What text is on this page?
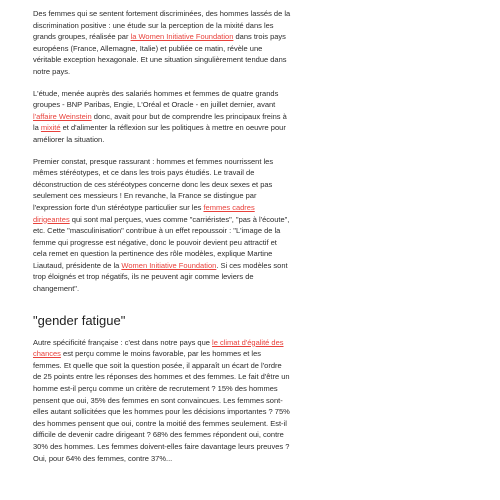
Des femmes qui se sentent fortement discriminées, des hommes lassés de la discrimination positive : une étude sur la perception de la mixité dans les grands groupes, réalisée par la Women Initiative Foundation dans trois pays européens (France, Allemagne, Italie) et publiée ce matin, révèle une véritable exception hexagonale. Et une situation singulièrement tendue dans notre pays.

L'étude, menée auprès des salariés hommes et femmes de quatre grands groupes - BNP Paribas, Engie, L'Oréal et Oracle - en juillet dernier, avant l'affaire Weinstein donc, avait pour but de comprendre les principaux freins à la mixité et d'alimenter la réflexion sur les politiques à mettre en oeuvre pour améliorer la situation.

Premier constat, presque rassurant : hommes et femmes nourrissent les mêmes stéréotypes, et ce dans les trois pays étudiés. Le travail de déconstruction de ces stéréotypes concerne donc les deux sexes et pas seulement ces messieurs ! En revanche, la France se distingue par l'expression forte d'un stéréotype particulier sur les femmes cadres dirigeantes qui sont mal perçues, vues comme "carriéristes", "pas à l'écoute", etc. Cette "masculinisation" contribue à un effet repoussoir : "L'image de la femme qui progresse est négative, donc le pouvoir devient peu attractif et cela remet en question la pertinence des rôle modèles, explique Martine Liautaud, présidente de la Women Initiative Foundation. Si ces modèles sont trop éloignés et trop négatifs, ils ne peuvent agir comme leviers de changement".

"gender fatigue"

Autre spécificité française : c'est dans notre pays que le climat d'égalité des chances est perçu comme le moins favorable, par les hommes et les femmes. Et quelle que soit la question posée, il apparaît un écart de l'ordre de 25 points entre les réponses des hommes et des femmes. Le fait d'être un homme est-il perçu comme un critère de recrutement ? 15% des hommes pensent que oui, 35% des femmes en sont convaincues. Les femmes sont-elles autant sollicitées que les hommes pour les décisions importantes ? 75% des hommes pensent que oui, contre la moitié des femmes seulement. Est-il difficile de devenir cadre dirigeant ? 68% des femmes répondent oui, contre 30% des hommes. Les femmes doivent-elles faire davantage leurs preuves ? Oui, pour 64% des femmes, contre 37%...
